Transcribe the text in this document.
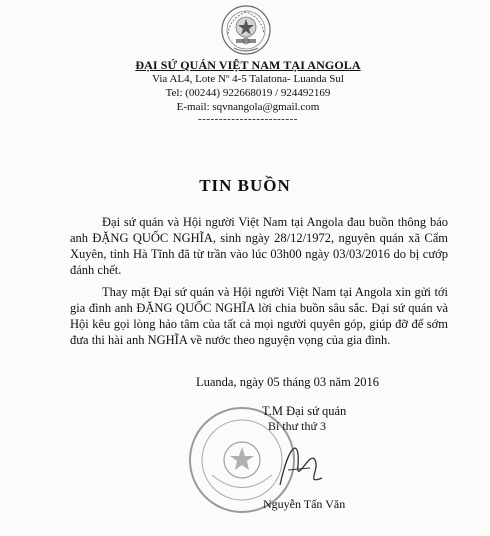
ĐẠI SỨ QUÁN VIỆT NAM TẠI ANGOLA
Via AL4, Lote Nº 4-5 Talatona- Luanda Sul
Tel: (00244) 922668019 / 924492169
E-mail: sqvnangola@gmail.com
------------------------
TIN BUỒN
Đại sứ quán và Hội người Việt Nam tại Angola đau buồn thông báo anh ĐẶNG QUỐC NGHĨA, sinh ngày 28/12/1972, nguyên quán xã Cẩm Xuyên, tỉnh Hà Tĩnh đã từ trần vào lúc 03h00 ngày 03/03/2016 do bị cướp đánh chết.
Thay mặt Đại sứ quán và Hội người Việt Nam tại Angola xin gửi tới gia đình anh ĐẶNG QUỐC NGHĨA lời chia buồn sâu sắc. Đại sứ quán và Hội kêu gọi lòng hảo tâm của tất cả mọi người quyên góp, giúp đỡ để sớm đưa thi hài anh NGHĨA về nước theo nguyện vọng của gia đình.
Luanda, ngày 05 tháng 03 năm 2016
T.M Đại sứ quán
Bí thư thứ 3
Nguyễn Tấn Văn
